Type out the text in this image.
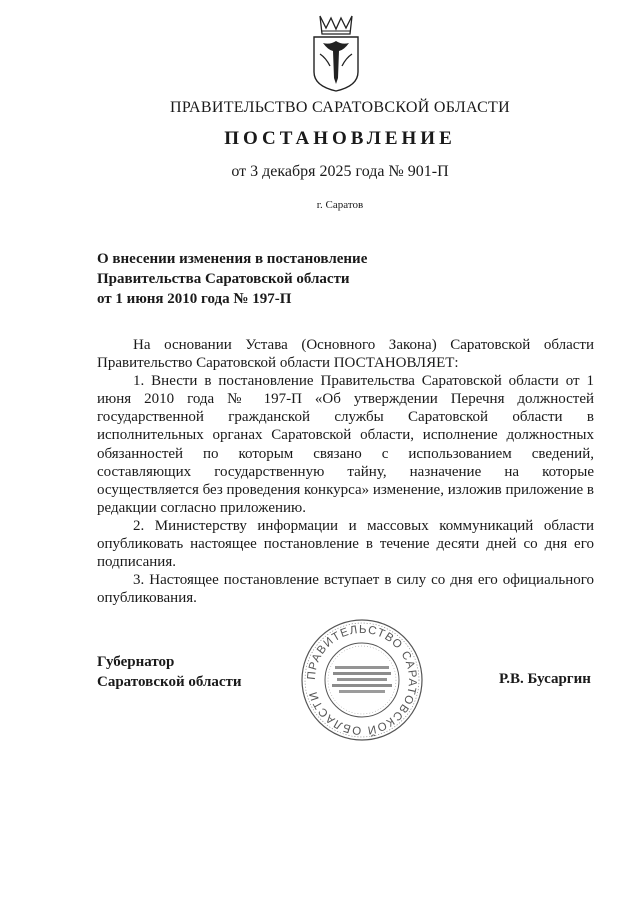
ПРАВИТЕЛЬСТВО САРАТОВСКОЙ ОБЛАСТИ
ПОСТАНОВЛЕНИЕ
от 3 декабря 2025 года № 901-П
г. Саратов
О внесении изменения в постановление
Правительства Саратовской области
от 1 июня 2010 года № 197-П

На основании Устава (Основного Закона) Саратовской области Правительство Саратовской области ПОСТАНОВЛЯЕТ:

1. Внести в постановление Правительства Саратовской области от 1 июня 2010 года № 197-П «Об утверждении Перечня должностей государственной гражданской службы Саратовской области в исполнительных органах Саратовской области, исполнение должностных обязанностей по которым связано с использованием сведений, составляющих государственную тайну, назначение на которые осуществляется без проведения конкурса» изменение, изложив приложение в редакции согласно приложению.

2. Министерству информации и массовых коммуникаций области опубликовать настоящее постановление в течение десяти дней со дня его подписания.

3. Настоящее постановление вступает в силу со дня его официального опубликования.

Губернатор
Саратовской области	ПРАВИТЕЛЬСТВО САРАТОВСКОЙ ОБЛАСТИ
Р.В. Бусаргин
